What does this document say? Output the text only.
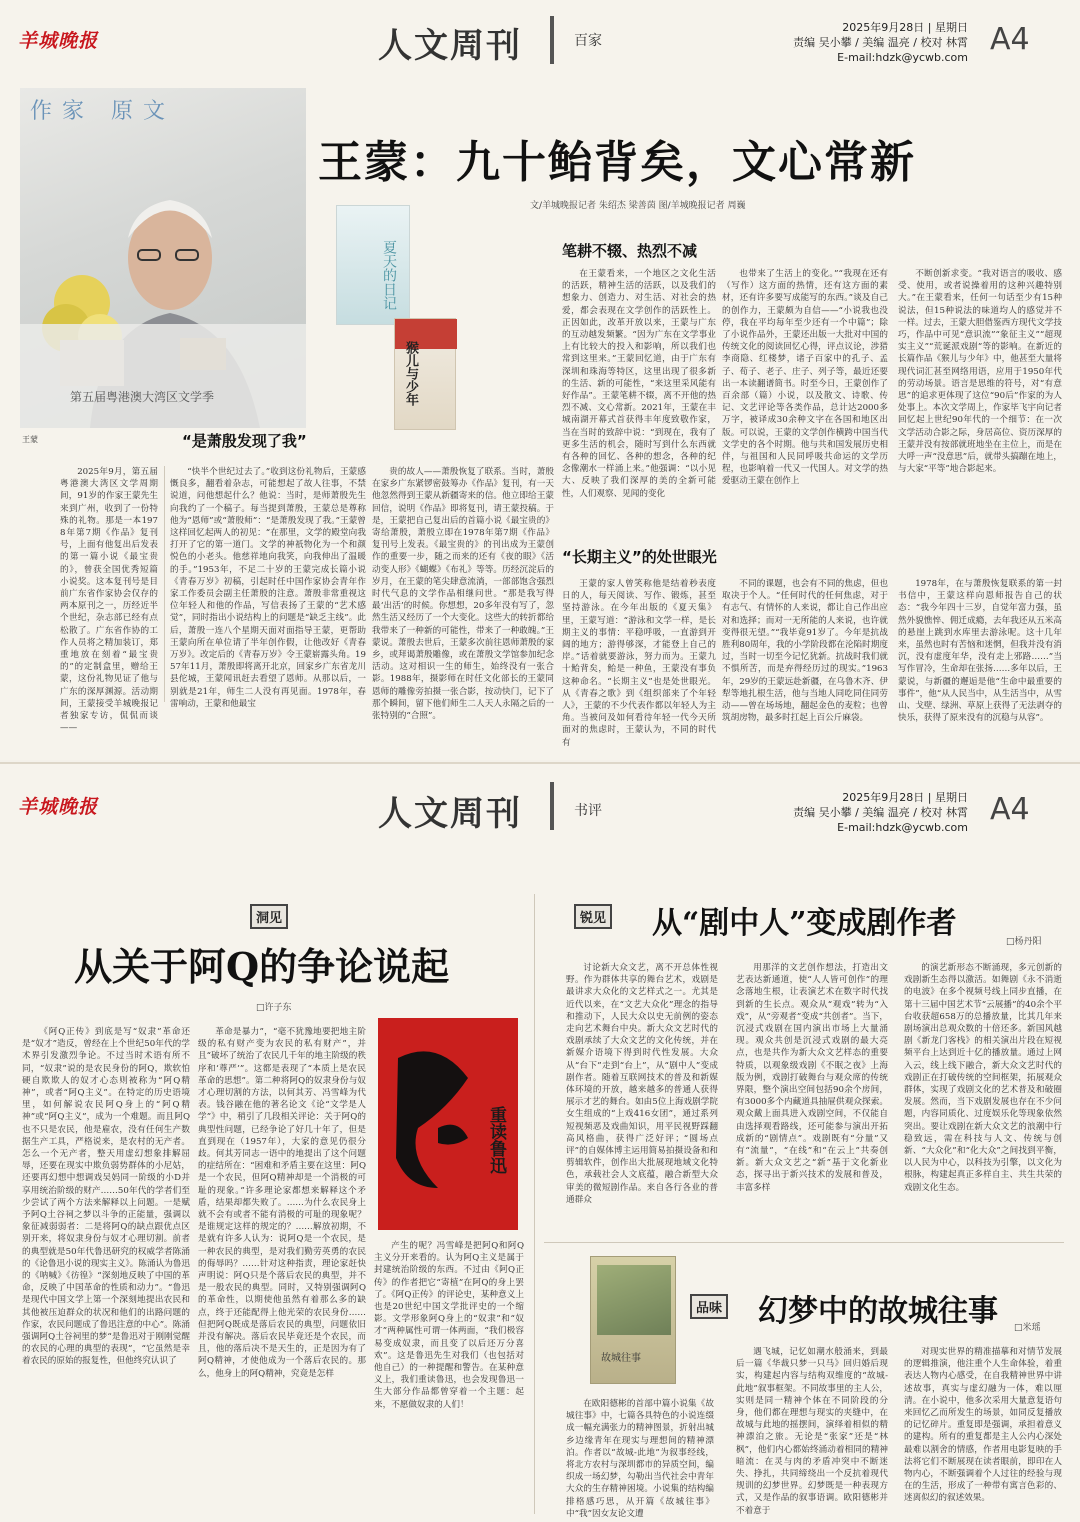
羊城晚报	人文周刊	百家
2025年9月28日 | 星期日
责编 吴小攀 / 美编 温亮 / 校对 林霄
E-mail:hdzk@ycwb.com
A4
作家 原文
第五届粤港澳大湾区文学季
王蒙
夏天的日记
猴儿与少年
王蒙：九十鲐背矣，文心常新
文/羊城晚报记者 朱绍杰 梁善茵 图/羊城晚报记者 周巍
“是萧殷发现了我”
笔耕不辍、热烈不减
“长期主义”的处世眼光
2025年9月，第五届粤港澳大湾区文学周期间，91岁的作家王蒙先生来到广州，收到了一份特殊的礼物。那是一本1978年第7期《作品》复刊号，上面有他复出后发表的第一篇小说《最宝贵的》，曾获全国优秀短篇小说奖。这本复刊号是目前广东省作家协会仅存的两本原刊之一，历经近半个世纪，杂志部已经有点松散了。广东省作协的工作人员将之精加装订，郑重地放在刻着“最宝贵的”的定制盒里，赠给王蒙，这份礼物见证了他与广东的深厚渊源。活动期间，王蒙接受羊城晚报记者独家专访，侃侃而谈——
“快半个世纪过去了。”收到这份礼物后，王蒙感慨良多，翻看着杂志，可能想起了故人往事，不禁说道，问他想起什么？他说：当时，是师萧殷先生向我约了一个稿子。每当提到萧殷，王蒙总是尊称他为“恩师”或“萧殷师”：“是萧殷发现了我。”王蒙曾这样回忆起两人的初见：“在那里，文学的殿堂向我打开了它的第一道门。文学的神祇物化为一个和颜悦色的小老头。他慈祥地向我笑，向我伸出了温暖的手。”1953年，不足二十岁的王蒙完成长篇小说《青春万岁》初稿，引起时任中国作家协会青年作家工作委员会副主任萧殷的注意。萧殷非常重视这位年轻人和他的作品，写信表扬了王蒙的“艺术感觉”，同时指出小说结构上的问题是“缺乏主线”。此后，萧殷一连八个星期天面对面指导王蒙，更帮助王蒙向所在单位请了半年创作假，让他改好《青春万岁》。改定后的《青春万岁》令王蒙崭露头角。1957年11月，萧殷即将离开北京，回家乡广东省龙川县佗城，王蒙闻讯赶去看望了恩师。从那以后，一别就是21年，师生二人没有再见面。1978年，春雷响动，王蒙和他最宝
贵的故人——萧殷恢复了联系。当时，萧殷在家乡广东紧锣密鼓筹办《作品》复刊，有一天他忽然得到王蒙从新疆寄来的信。他立即给王蒙回信，说明《作品》即将复刊，请王蒙投稿。于是，王蒙把自己复出后的首篇小说《最宝贵的》寄给萧殷，萧殷立即在1978年第7期《作品》复刊号上发表。《最宝贵的》的刊出成为王蒙创作的重要一步，随之而来的还有《夜的眼》《活动变人形》《蝴蝶》《布礼》等等。历经沉淀后的岁月，在王蒙的笔尖肆意流淌，一部部饱含强烈时代气息的文学作品相继问世。“那是我写得最‘出活’的时候。你想想，20多年没有写了，忽然生活又经历了一个大变化。这些大的转折都给我带来了一种新的可能性，带来了一种敢魄。”王蒙说。萧殷去世后，王蒙多次前往恩师萧殷的家乡，或拜谒萧殷雕像，或在萧殷文学馆参加纪念活动。这对相识一生的师生，始终没有一张合影。1988年，摄影师在时任文化部长的王蒙同恩师的雕像旁拍摄一张合影，按动快门，记下了那个瞬间，留下他们师生二人天人永隔之后的一张特别的“合照”。
在王蒙看来，一个地区之文化生活的活跃，精神生活的活跃，以及我们的想象力、创造力、对生活、对社会的热爱，都会表现在文学创作的活跃性上。正因如此，改革开放以来，王蒙与广东的互动越发频繁。“因为广东在文学事业上有比较大的投入和影响，所以我们也常到这里来。”王蒙回忆道，由于广东有深圳和珠海等特区，这里出现了很多新的生活、新的可能性，“来这里采风能有好作品”。王蒙笔耕不辍，离不开他的热烈不减、文心常新。2021年，王蒙在丰城南湖开幕式首获得丰年度致敬作家，当在当时的致辞中说：“到现在，我有了更多生活的机会，随时写到什么东西就有各种的回忆、各种的想念，各种的纪念像潮水一样涌上来。”他强调：“以小见大、反映了我们深厚的美的全新可能性，人们观察、见闻的变化
也带来了生活上的变化。”“我现在还有（写作）这方面的热情，还有这方面的素材，还有许多要写成能写的东西。”谈及自己的创作力，王蒙颇为自信——“小说我也没停，我在平均每年至少还有一个中篇”；除了小说作品外，王蒙还出版一大批对中国的传统文化的阅读回忆心得，评点议论，涉猎李商隐、红楼梦，诸子百家中的孔子、孟子、荀子、老子、庄子、列子等，最近还要出一本读翻谱简书。时至今日，王蒙创作了百余部（篇）小说，以及散文、诗歌、传记、文艺评论等各类作品，总计达2000多万字，被译成30余种文字在各国和地区出版。可以说，王蒙的文学创作横跨中国当代文学史的各个时期。他与共和国发展历史相伴，与祖国和人民同呼吸共命运的文学历程，也影响着一代又一代国人。对文学的热爱驱动王蒙在创作上
不断创新求变。“我对语言的吸收、感受、使用，或者说操着用的这种兴趣特别大。”在王蒙看来，任何一句话至少有15种说法，但15种说法的味道均人的感觉并不一样。过去，王蒙大胆借鉴西方现代文学技巧，作品中可见“意识流”“象征主义”“超现实主义”“荒诞派戏剧”等的影响。在新近的长篇作品《猴儿与少年》中，他甚至大量将现代词汇甚至网络用语，应用于1950年代的劳动场景。语言是思维的符号，对“有意思”的追求更体现了这位“90后”作家的为人处事上。本次文学周上，作家毕飞宇向记者回忆起上世纪90年代的一个细节：在一次文学活动合影之际，身居高位、资历深厚的王蒙并没有按部就班地坐在主位上，而是在大呼一声“没意思”后，就带头搞蹦在地上，与大家“平等”地合影起来。
王蒙的家人曾笑称他是结着秒表度日的人，每天阅读、写作、锻炼，甚至坚持游泳。在今年出版的《夏天集》里，王蒙写道：“游泳和文学一样，是长期主义的事情：平稳呼吸，一直游到开阔的地方；游得够深，才能登上自己的岸。”话着就要游泳，努力而为。王蒙九十鲐背矣，鲐是一种鱼，王蒙没有事负这种命名。“长期主义”也是处世眼光。从《青春之歌》到《组织部来了个年轻人》，王蒙的不少代表作都以年轻人为主角。当被问及如何看待年轻一代今天所面对的焦虑时，王蒙认为，不同的时代有
不同的课题，也会有不同的焦虑，但也取决于个人。“任何时代的任何焦虑，对于有志气、有情怀的人来说，都让自己作出应对和选择；而对一无所能的人来说，也许就变得很无望。”“我毕竟91岁了。今年是抗战胜利80周年，我的小学阶段都在沦陷时期度过，当时一切至今记忆犹新。抗战时我们就不惧所苦，而是弃得经历过的现实。”1963年，29岁的王蒙远赴新疆，在乌鲁木齐、伊犁等地扎根生活，他与当地人同吃同住同劳动——曾在场场地，翻起金色的麦粒；也曾筑胡房物，最多时扛起上百公斤麻袋。
1978年，在与萧殷恢复联系的第一封书信中，王蒙这样向恩师报告自己的状态：“我今年四十三岁，自觉年富力强，虽然外貌憔悴、佣迁成瘾，去年我还从五米高的悬崖上跳到水库里去游泳呢。这十几年来，虽然也时有苦恼和迷惘，但我并没有消沉，没有虚度年华，没有走上邪路……”当写作冒冷，生命却在张扬……多年以后，王蒙说，与新疆的邂逅是他“生命中最重要的事件”，他“从人民当中，从生活当中，从雪山、戈壁、绿洲、草原上获得了无法剥夺的快乐，获得了原来没有的沉稳与从容”。
羊城晚报	人文周刊	书评
2025年9月28日 | 星期日
责编 吴小攀 / 美编 温亮 / 校对 林霄
E-mail:hdzk@ycwb.com
A4
洞见
从关于阿Q的争论说起
□许子东
《阿Q正传》到底是写“奴隶”革命还是“奴才”造反，曾经在上个世纪50年代的学术界引发激烈争论。不过当时术语有所不同，“奴隶”说的是农民身份的阿Q，欺软怕硬自欺欺人的奴才心态则被称为“阿Q精神”，或者“阿Q主义”。在特定的历史语境里，如何解说农民阿Q身上的“阿Q精神”或“阿Q主义”，成为一个难题。而且阿Q也不只是农民，他是雇农，没有任何生产数据生产工具，严格说来，是农村的无产者。怎么一个无产者，整天用虚幻想象排解屈辱，还要在现实中欺负弱势群体的小尼姑，还要再幻想中想调戏吴妈同一阶级的小D并享用统治阶级的财产……50年代的学者们至少尝试了两个方法来解释以上问题。一是赋予阿Q土谷祠之梦以斗争的正能量，强调以象征减弱弱者：二是将阿Q的缺点跟优点区别开来，将奴隶身份与奴才心理切割。前者的典型就是50年代鲁迅研究的权威学者陈涌的《论鲁迅小说的现实主义》。陈涌认为鲁迅的《呐喊》《彷徨》“深刻地反映了中国的革命，反映了中国革命的性质和动力”。“鲁迅是现代中国文学上第一个深刻地提出农民和其他被压迫群众的状况和他们的出路问题的作家，农民问题成了鲁迅注意的中心”。陈涌强调阿Q土谷祠里的梦“是鲁迅对于刚刚觉醒的农民的心理的典型的表现”，“它虽然是幸着农民的原始的报复性，但他终究认识了
革命是暴力”，“毫不犹豫地要把地主阶级的私有财产变为农民的私有财产”，并且“破坏了统治了农民几千年的地主阶级的秩序和‘尊严’”。这都是表现了“本质上是农民革命的思想”。第二种将阿Q的奴隶身份与奴才心理切割的方法，以何其芳、冯雪峰为代表。钱谷融在他的著名论文《论“文学是人学”》中，稍引了几段相关评论：关于阿Q的典型性问题，已经争论了好几十年了，但是直到现在（1957年），大家的意见仍很分歧。何其芳同志一语中的地提出了这个问题的症结所在：“困难和矛盾主要在这里：阿Q是一个农民，但阿Q精神却是一个消极的可耻的现象。”许多理论家都想来解释这个矛盾，结果却都失败了。……为什么农民身上就不会有或者不能有消极的可耻的现象呢？是谁规定这样的规定的？……解放初期，不是就有许多人认为：说阿Q是一个农民，是一种农民的典型，是对我们勤劳英勇的农民的侮辱吗？……针对这种指责，理论家赶快声明说：阿Q只是个落后农民的典型，并不是一般农民的典型。同时，又特别强调阿Q的革命性，以期使他虽然有着那么多的缺点，终于还能配得上他光荣的农民身份……但把阿Q既成是落后农民的典型，问题依旧并没有解决。落后农民毕竟还是个农民，而且，他的落后决不是天生的，正是因为有了阿Q精神，才使他成为一个落后农民的。那么，他身上的阿Q精神，究竟是怎样
产生的呢？冯雪峰是把阿Q和阿Q主义分开来看的。认为阿Q主义是属于封建统治阶级的东西。不过由《阿Q正传》的作者把它“寄植”在阿Q的身上罢了。《阿Q正传》的评论史，某种意义上也是20世纪中国文学批评史的一个缩影。文学形象阿Q身上的“奴隶”和“奴才”两种属性可谓一体两面，“我们极容易变成奴隶，而且变了以后还万分喜欢”。这是鲁迅先生对我们（也包括对他自己）的一种提醒和警告。在某种意义上，我们重读鲁迅，也会发现鲁迅一生大部分作品都曾穿着一个主题：起来，不愿做奴隶的人们！
重读鲁迅
锐见 从“剧中人”变成剧作者
□杨丹阳
讨论新大众文艺，离不开总体性视野。作为群体共享的舞台艺术，戏剧是最讲求大众化的文艺样式之一。尤其是近代以来，在“文艺大众化”理念的指导和推动下，人民大众以史无前例的姿态走向艺术舞台中央。新大众文艺时代的戏剧承续了大众文艺的文化传统，并在新媒介语境下得到时代性发展。大众从“台下”走到“台上”，从“剧中人”变成剧作者。随着互联网技术的普及和新媒体环境的开放，越来越多的普通人获得展示才艺的舞台。如由5位上海戏剧学院女生组成的“上戏416女团”，通过系列短视频恶及戏曲知识，用平民视野踩翻高风格曲，获得广泛好评；“圆场点评”的自媒体博主运用简易拍摄设备和和剪辑软件，创作出大批展现地域文化特色，承载社会人文底蕴，融合新型大众审美的微短剧作品。来自各行各业的普通群众
用那洋的文艺创作想法，打造出文艺表达新通道，使“人人皆可创作”的理念落地生根，让表演艺术在数字时代找到新的生长点。观众从“观戏”转为“入戏”，从“旁观者”变成“共创者”。当下，沉浸式戏剧在国内演出市场上大量涌现。观众共创是沉浸式戏剧的最大亮点，也是共作为新大众文艺样态的重要特质，以观象级戏剧《不眠之夜》上海版为例，戏剧打破舞台与观众席的传统界限，整个演出空间包括90余个房间，有3000多个内藏道具抽屉供观众探索。观众戴上面具进入戏剧空间，不仅能自由选择观看路线，还可能参与演出开拓成新的“剧情点”。戏剧既有“分量”又有“流量”，“在线”和“在云上”共奏创新。新大众文艺之“新”基于文化新业态，探寻出于新兴技术的发展和普及，丰富多样
的演艺新形态不断涌现，多元创新的戏剧新生态得以激活。如舞剧《永不消逝的电波》在多个视频号线上同步直播，在第十三届中国艺术节“云展播”的40余个平台收获超658万的总播放量，比其几年来剧场演出总观众数的十倍还多。新国风越剧《新龙门客栈》的相关演出片段在短视频平台上达到近十亿的播放量。通过上网入云，线上线下融合，新大众文艺时代的戏剧正在打破传统的空间框架，拓展观众群体，实现了戏剧文化的艺术普及和破圈发展。然而，当下戏剧发展也存在不少问题，内容同质化、过度娱乐化等现象依然突出。要让戏剧在新大众文艺的浪潮中行稳致远，需在科技与人文、传统与创新、“大众化”和“化大众”之间找到平衡，以人民为中心，以科技为引擎，以文化为根脉，构建起真正多样自主、共生共荣的戏剧文化生态。
故城往事
品味 幻梦中的故城往事 □米瑶
在欧阳德彬的首部中篇小说集《故城往事》中，七篇各具特色的小说连缀成一幅充满张力的精神图景，折射出城乡边缘青年在现实与理想间的精神漂泊。作者以“故城-此地”为叙事经线，将北方农村与深圳都市的异质空间，编织成一场幻梦，勾勒出当代社会中青年大众的生存精神困境。小说集的结构编排格感巧思，从开篇《故城往事》中“我”因女友论文遭
遇飞城，记忆如潮水般涌来，到最后一篇《华裁只梦一只马》回归婚后现实，构建起内容与结构双维度的“故城-此地”叙事框架。不同故事里的主人公，实则是同一精神个体在不同阶段的分身，他们都在理想与现实的夹缝中，在故城与此地的摇摆间，演绎着相似的精神漂泊之旅。无论是“张家”还是“林枫”，他们内心都始终涌动着相同的精神暗流：在灵与肉的矛盾冲突中不断迷失、挣扎，共同缔绕出一个反抗着现代规训的幻梦世界。幻梦既是一种表现方式，又是作品的叙事语调。欧阳德彬并不着意于
对现实世界的精准描摹和对情节发展的逻辑推演，他注重个人生命体验，着重表达人物内心感受，在自我精神世界中讲述故事，真实与虚幻融为一体，难以厘清。在小说中，他多次采用大量意复语句来回忆乙而所发生的场景，如同反复播放的记忆碎片。重复即是强调，承担着意义的建构。所有的重复都是主人公内心深处最难以割舍的情感，作者用电影复映的手法将它们不断展现在读者眼前，即印在人物内心，不断强调着个人过往的经验与现在的生活，形成了一种带有寓言色彩的、迷离似幻的叙述效果。
